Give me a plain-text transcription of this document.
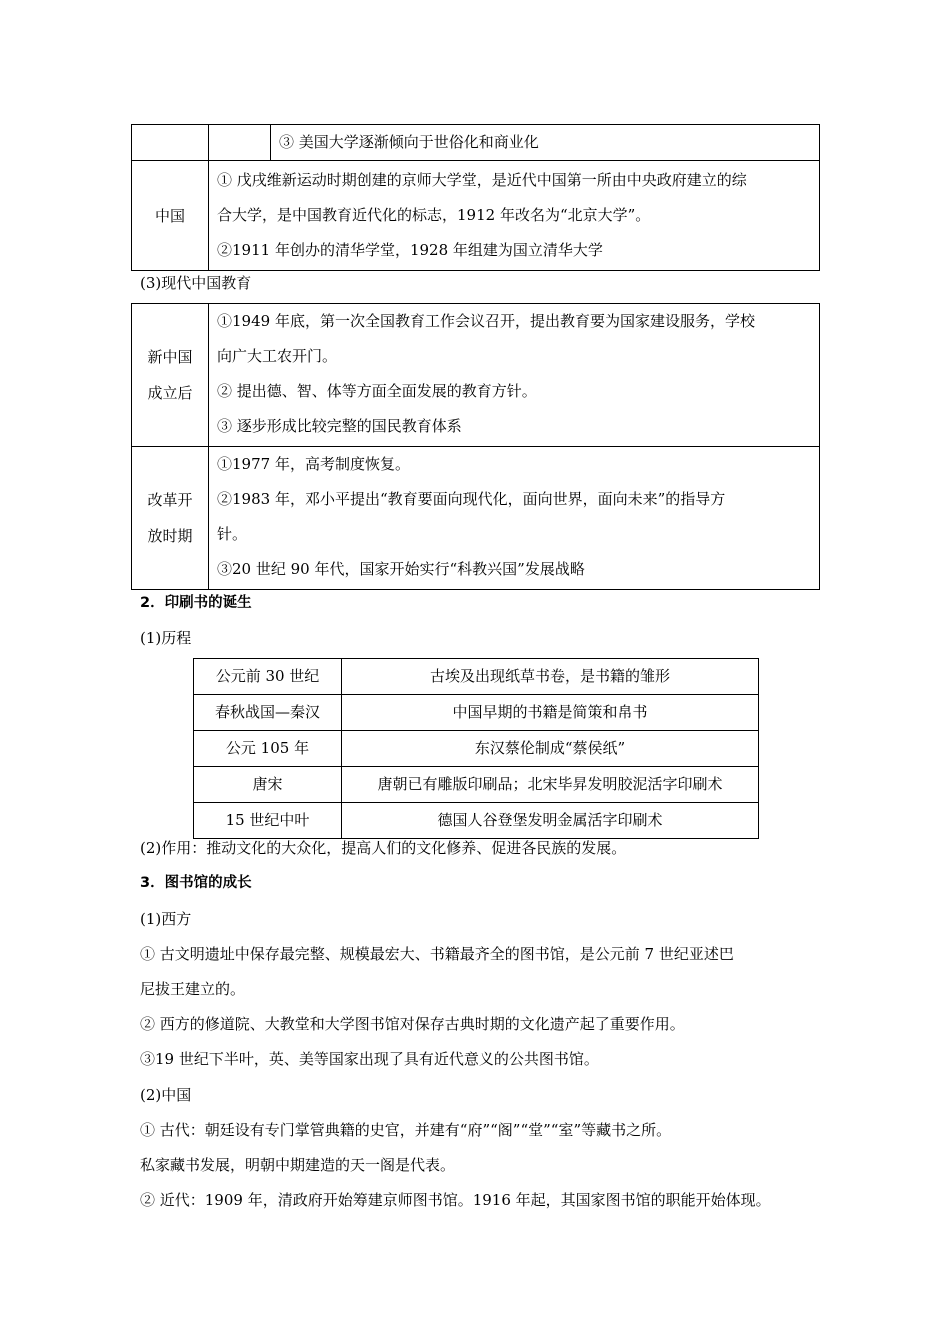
		③ 美国大学逐渐倾向于世俗化和商业化
中国	① 戊戌维新运动时期创建的京师大学堂，是近代中国第一所由中央政府建立的综
合大学，是中国教育近代化的标志，1912 年改名为“北京大学”。
②1911 年创办的清华学堂，1928 年组建为国立清华大学	
(3)现代中国教育
新中国
成立后	①1949 年底，第一次全国教育工作会议召开，提出教育要为国家建设服务，学校
向广大工农开门。
② 提出德、智、体等方面全面发展的教育方针。
③ 逐步形成比较完整的国民教育体系

改革开
放时期	①1977 年，高考制度恢复。
②1983 年，邓小平提出“教育要面向现代化，面向世界，面向未来”的指导方
针。
③20 世纪 90 年代，国家开始实行“科教兴国”发展战略
2．印刷书的诞生
(1)历程
公元前 30 世纪	古埃及出现纸草书卷，是书籍的雏形
春秋战国—秦汉	中国早期的书籍是简策和帛书
公元 105 年	东汉蔡伦制成“蔡侯纸”
唐宋	唐朝已有雕版印刷品；北宋毕昇发明胶泥活字印刷术
15 世纪中叶	德国人谷登堡发明金属活字印刷术
(2)作用：推动文化的大众化，提高人们的文化修养、促进各民族的发展。
3．图书馆的成长
(1)西方
① 古文明遗址中保存最完整、规模最宏大、书籍最齐全的图书馆，是公元前 7 世纪亚述巴
尼拔王建立的。
② 西方的修道院、大教堂和大学图书馆对保存古典时期的文化遗产起了重要作用。
③19 世纪下半叶，英、美等国家出现了具有近代意义的公共图书馆。
(2)中国
① 古代：朝廷设有专门掌管典籍的史官，并建有“府”“阁”“堂”“室”等藏书之所。
私家藏书发展，明朝中期建造的天一阁是代表。
② 近代：1909 年，清政府开始筹建京师图书馆。1916 年起，其国家图书馆的职能开始体现。
